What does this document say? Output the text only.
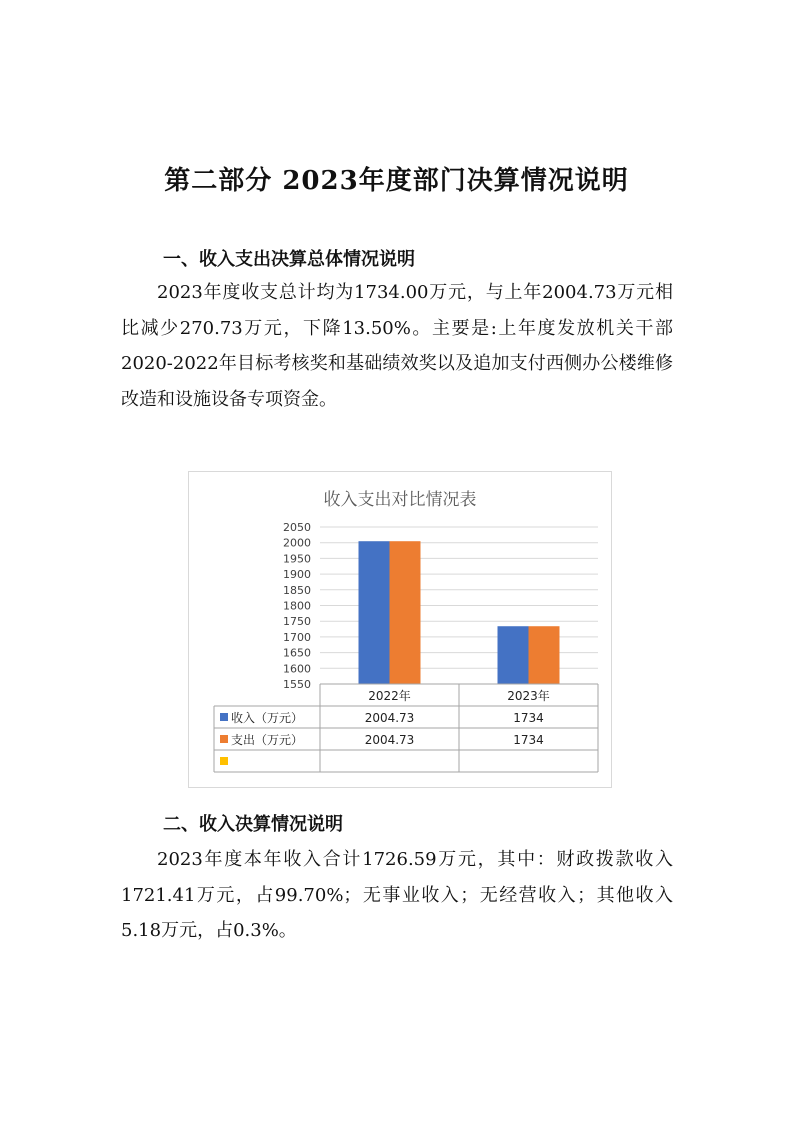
第二部分 2023年度部门决算情况说明
一、收入支出决算总体情况说明

2023年度收支总计均为1734.00万元，与上年2004.73万元相比减少270.73万元，下降13.50%。主要是:上年度发放机关干部2020-2022年目标考核奖和基础绩效奖以及追加支付西侧办公楼维修改造和设施设备专项资金。

收入支出对比情况表
1550
1600
1650
1700
1750
1800
1850
1900
1950
2000
2050
2022年	2023年
收入（万元）	2004.73	1734
支出（万元）	2004.73	1734
二、收入决算情况说明

2023年度本年收入合计1726.59万元，其中：财政拨款收入1721.41万元，占99.70%；无事业收入；无经营收入；其他收入5.18万元，占0.3%。
